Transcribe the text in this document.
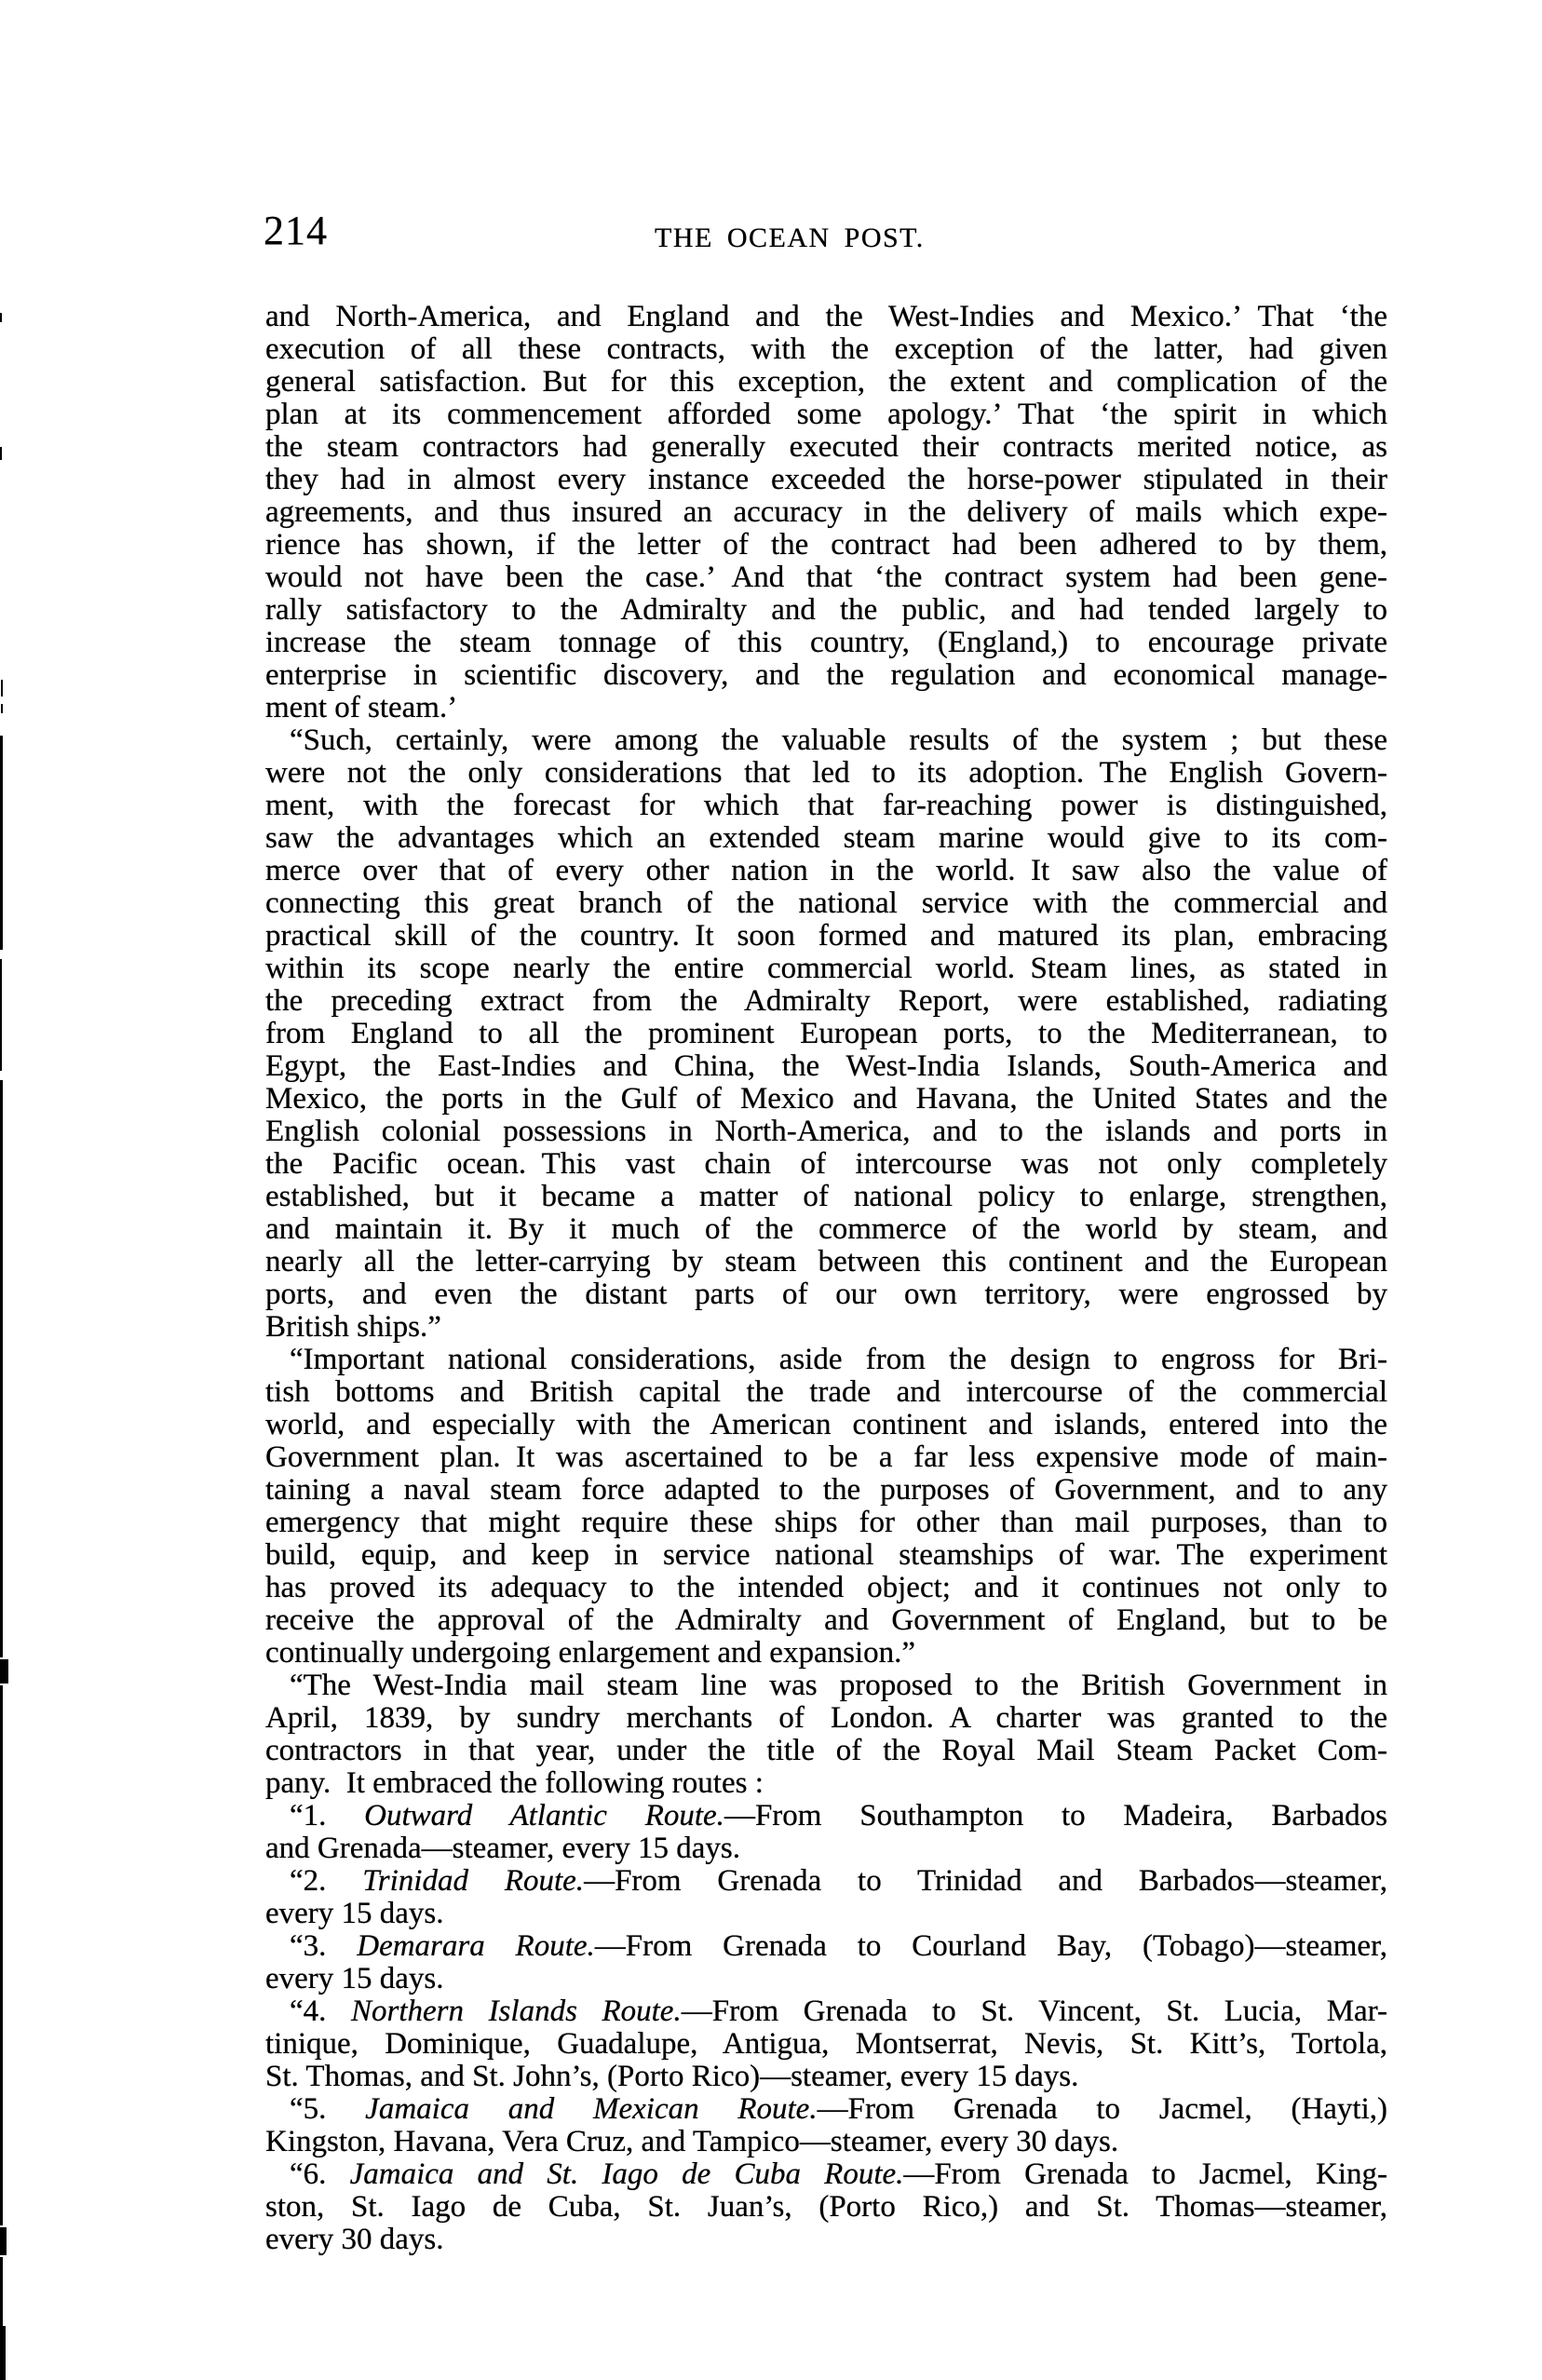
214	THE OCEAN POST.
and North-America, and England and the West-Indies and Mexico.’ That ‘the
execution of all these contracts, with the exception of the latter, had given
general satisfaction. But for this exception, the extent and complication of the
plan at its commencement afforded some apology.’ That ‘the spirit in which
the steam contractors had generally executed their contracts merited notice, as
they had in almost every instance exceeded the horse-power stipulated in their
agreements, and thus insured an accuracy in the delivery of mails which expe-
rience has shown, if the letter of the contract had been adhered to by them,
would not have been the case.’ And that ‘the contract system had been gene-
rally satisfactory to the Admiralty and the public, and had tended largely to
increase the steam tonnage of this country, (England,) to encourage private
enterprise in scientific discovery, and the regulation and economical manage-
ment of steam.’
“Such, certainly, were among the valuable results of the system ; but these
were not the only considerations that led to its adoption. The English Govern-
ment, with the forecast for which that far-reaching power is distinguished,
saw the advantages which an extended steam marine would give to its com-
merce over that of every other nation in the world. It saw also the value of
connecting this great branch of the national service with the commercial and
practical skill of the country. It soon formed and matured its plan, embracing
within its scope nearly the entire commercial world. Steam lines, as stated in
the preceding extract from the Admiralty Report, were established, radiating
from England to all the prominent European ports, to the Mediterranean, to
Egypt, the East-Indies and China, the West-India Islands, South-America and
Mexico, the ports in the Gulf of Mexico and Havana, the United States and the
English colonial possessions in North-America, and to the islands and ports in
the Pacific ocean. This vast chain of intercourse was not only completely
established, but it became a matter of national policy to enlarge, strengthen,
and maintain it. By it much of the commerce of the world by steam, and
nearly all the letter-carrying by steam between this continent and the European
ports, and even the distant parts of our own territory, were engrossed by
British ships.”
“Important national considerations, aside from the design to engross for Bri-
tish bottoms and British capital the trade and intercourse of the commercial
world, and especially with the American continent and islands, entered into the
Government plan. It was ascertained to be a far less expensive mode of main-
taining a naval steam force adapted to the purposes of Government, and to any
emergency that might require these ships for other than mail purposes, than to
build, equip, and keep in service national steamships of war. The experiment
has proved its adequacy to the intended object; and it continues not only to
receive the approval of the Admiralty and Government of England, but to be
continually undergoing enlargement and expansion.”
“The West-India mail steam line was proposed to the British Government in
April, 1839, by sundry merchants of London. A charter was granted to the
contractors in that year, under the title of the Royal Mail Steam Packet Com-
pany. It embraced the following routes :
“1. Outward Atlantic Route.—From Southampton to Madeira, Barbados
and Grenada—steamer, every 15 days.
“2. Trinidad Route.—From Grenada to Trinidad and Barbados—steamer,
every 15 days.
“3. Demarara Route.—From Grenada to Courland Bay, (Tobago)—steamer,
every 15 days.
“4. Northern Islands Route.—From Grenada to St. Vincent, St. Lucia, Mar-
tinique, Dominique, Guadalupe, Antigua, Montserrat, Nevis, St. Kitt’s, Tortola,
St. Thomas, and St. John’s, (Porto Rico)—steamer, every 15 days.
“5. Jamaica and Mexican Route.—From Grenada to Jacmel, (Hayti,)
Kingston, Havana, Vera Cruz, and Tampico—steamer, every 30 days.
“6. Jamaica and St. Iago de Cuba Route.—From Grenada to Jacmel, King-
ston, St. Iago de Cuba, St. Juan’s, (Porto Rico,) and St. Thomas—steamer,
every 30 days.
